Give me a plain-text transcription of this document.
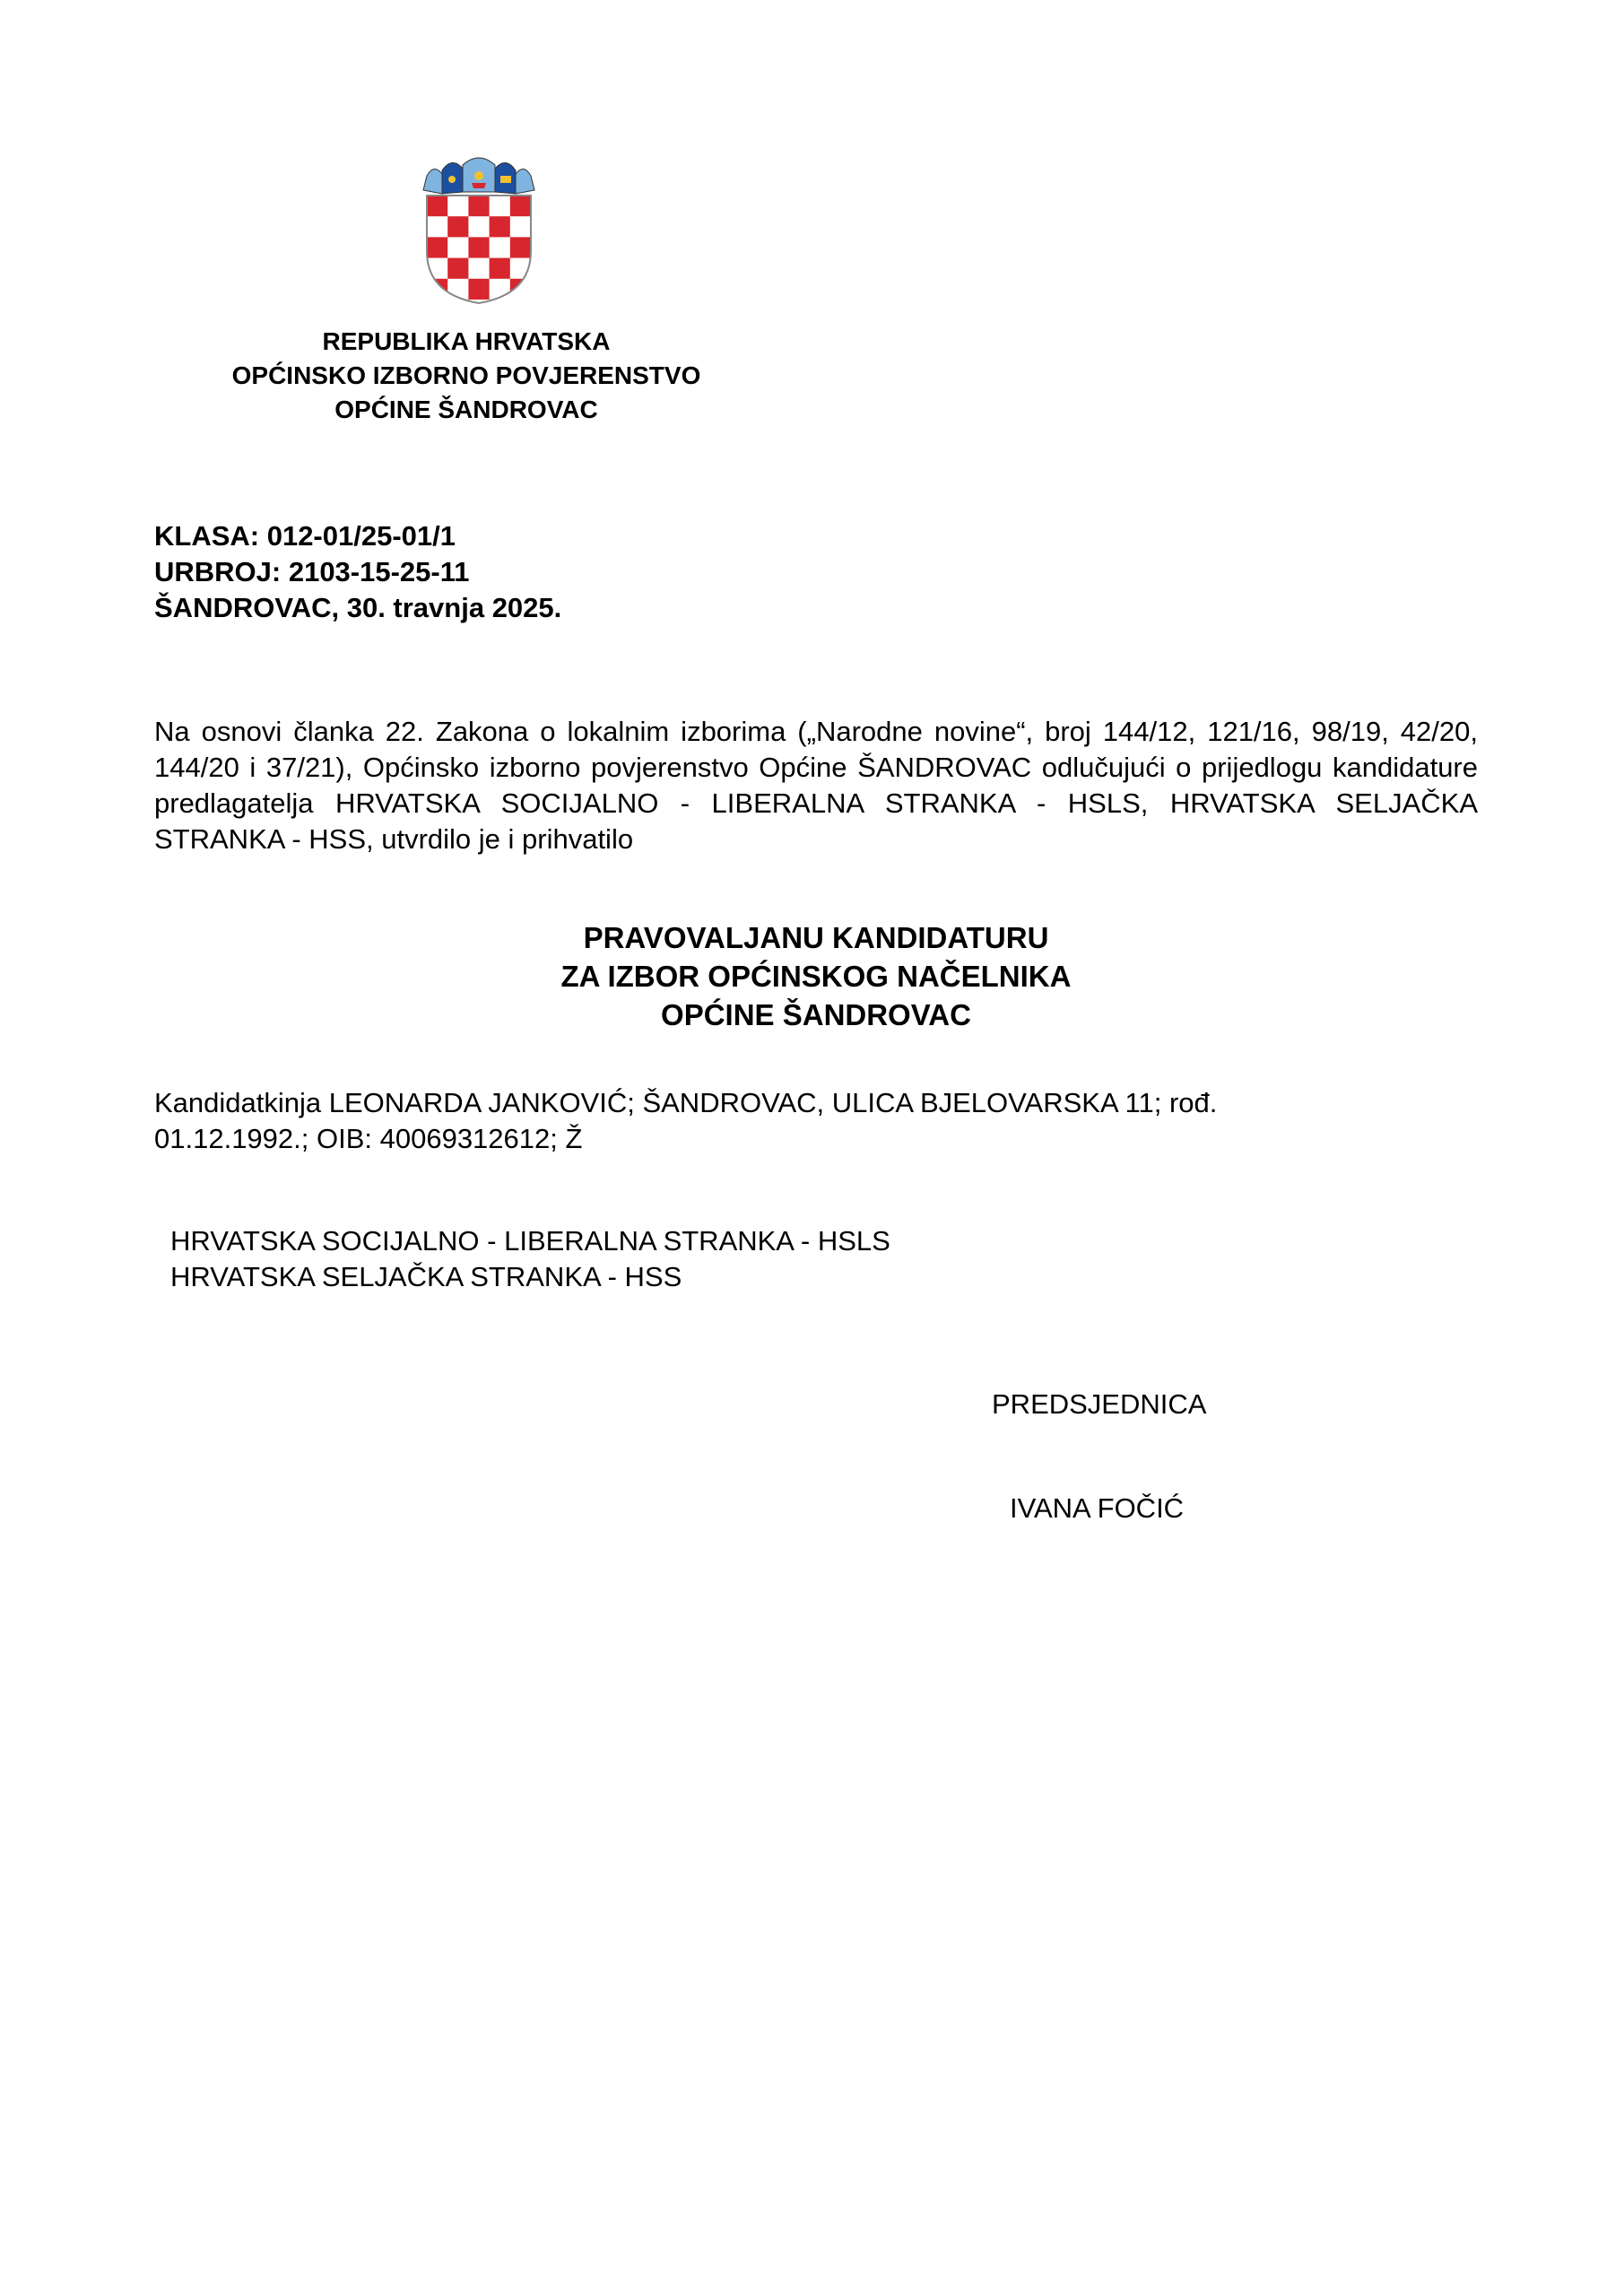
REPUBLIKA HRVATSKA
OPĆINSKO IZBORNO POVJERENSTVO
OPĆINE ŠANDROVAC
KLASA: 012-01/25-01/1
URBROJ: 2103-15-25-11
ŠANDROVAC, 30. travnja 2025.
Na osnovi članka 22. Zakona o lokalnim izborima („Narodne novine“, broj 144/12, 121/16, 98/19, 42/20, 144/20 i 37/21), Općinsko izborno povjerenstvo Općine ŠANDROVAC odlučujući o prijedlogu kandidature predlagatelja HRVATSKA SOCIJALNO - LIBERALNA STRANKA - HSLS, HRVATSKA SELJAČKA STRANKA - HSS, utvrdilo je i prihvatilo
PRAVOVALJANU KANDIDATURU
ZA IZBOR OPĆINSKOG NAČELNIKA
OPĆINE ŠANDROVAC
Kandidatkinja LEONARDA JANKOVIĆ; ŠANDROVAC, ULICA BJELOVARSKA 11; rođ. 01.12.1992.; OIB: 40069312612; Ž
HRVATSKA SOCIJALNO - LIBERALNA STRANKA - HSLS
HRVATSKA SELJAČKA STRANKA - HSS
PREDSJEDNICA
IVANA FOČIĆ
